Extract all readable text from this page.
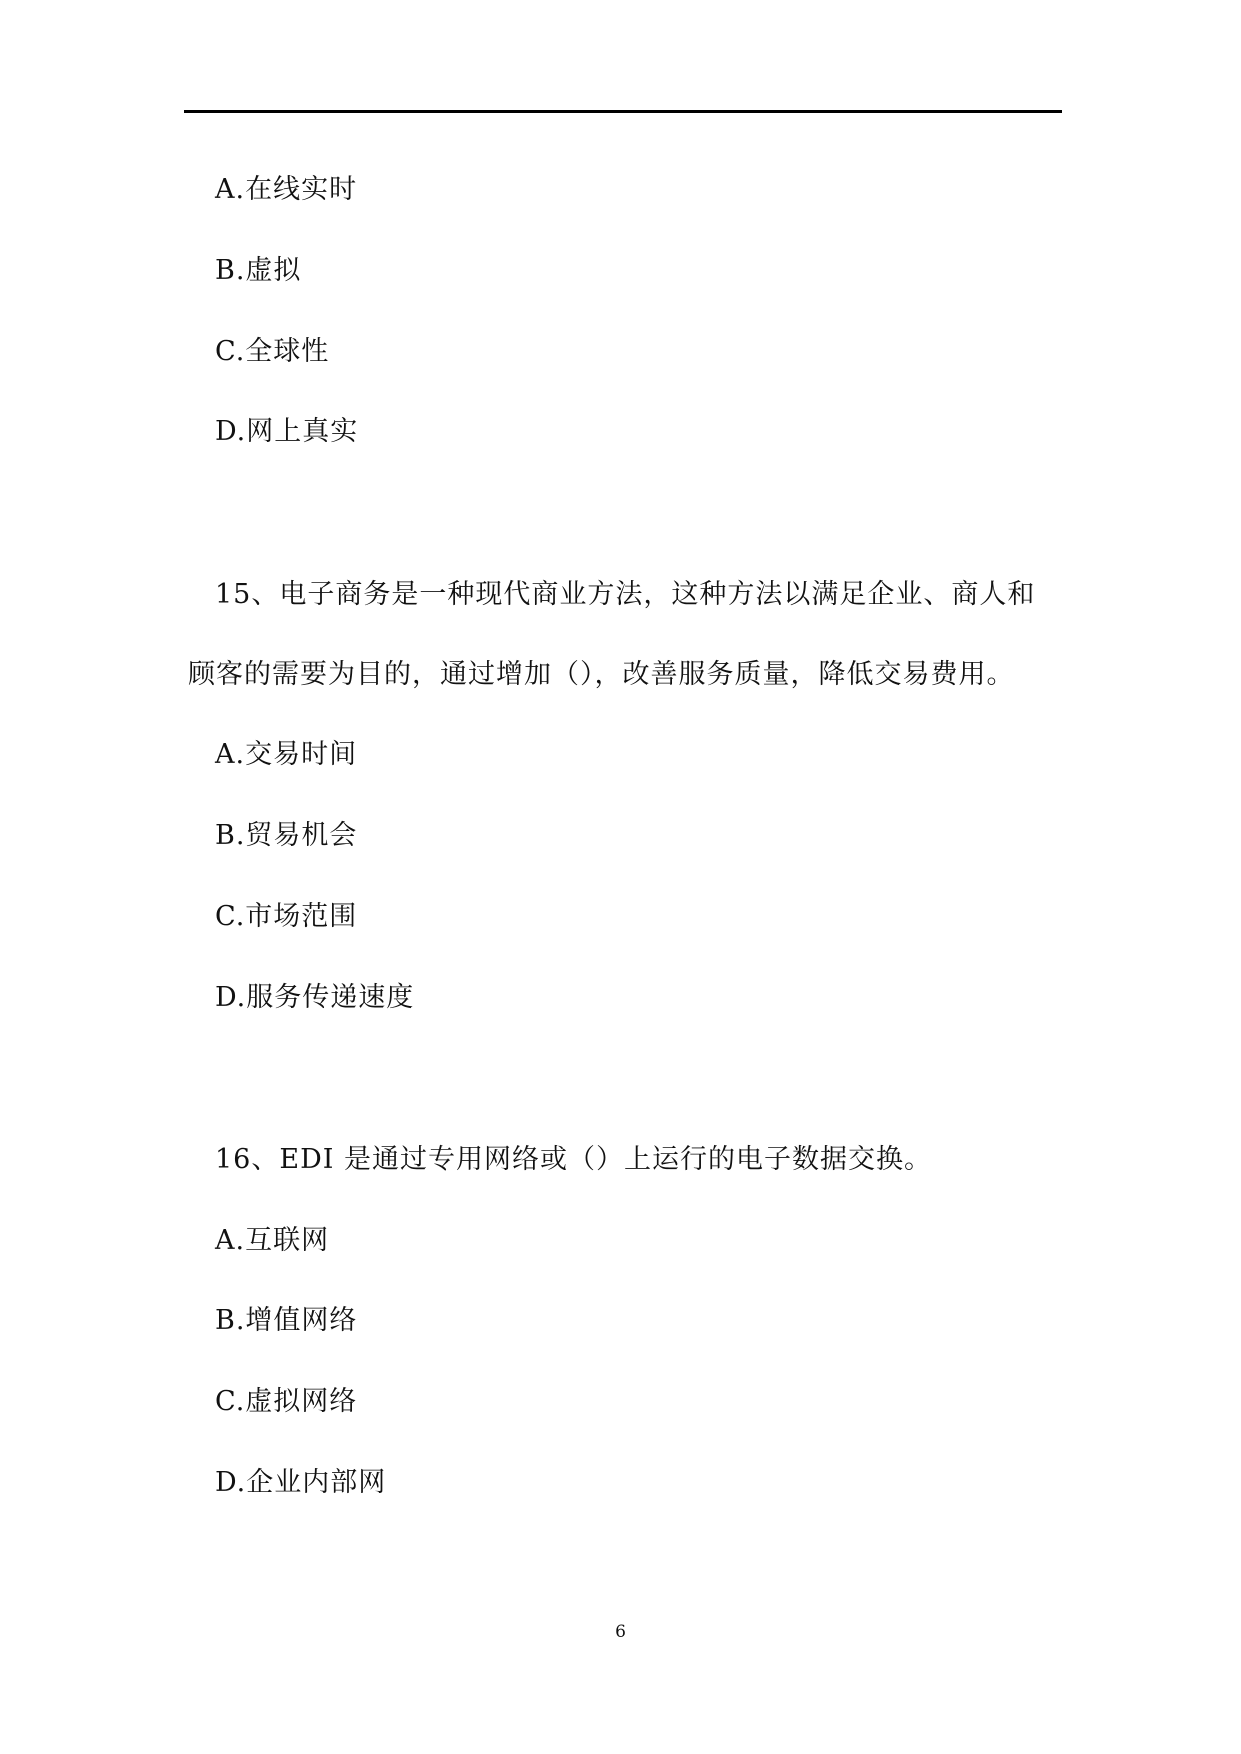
A.在线实时
B.虚拟
C.全球性
D.网上真实
15、电子商务是一种现代商业方法，这种方法以满足企业、商人和
顾客的需要为目的，通过增加（），改善服务质量，降低交易费用。
A.交易时间
B.贸易机会
C.市场范围
D.服务传递速度
16、EDI 是通过专用网络或（）上运行的电子数据交换。
A.互联网
B.增值网络
C.虚拟网络
D.企业内部网
6
